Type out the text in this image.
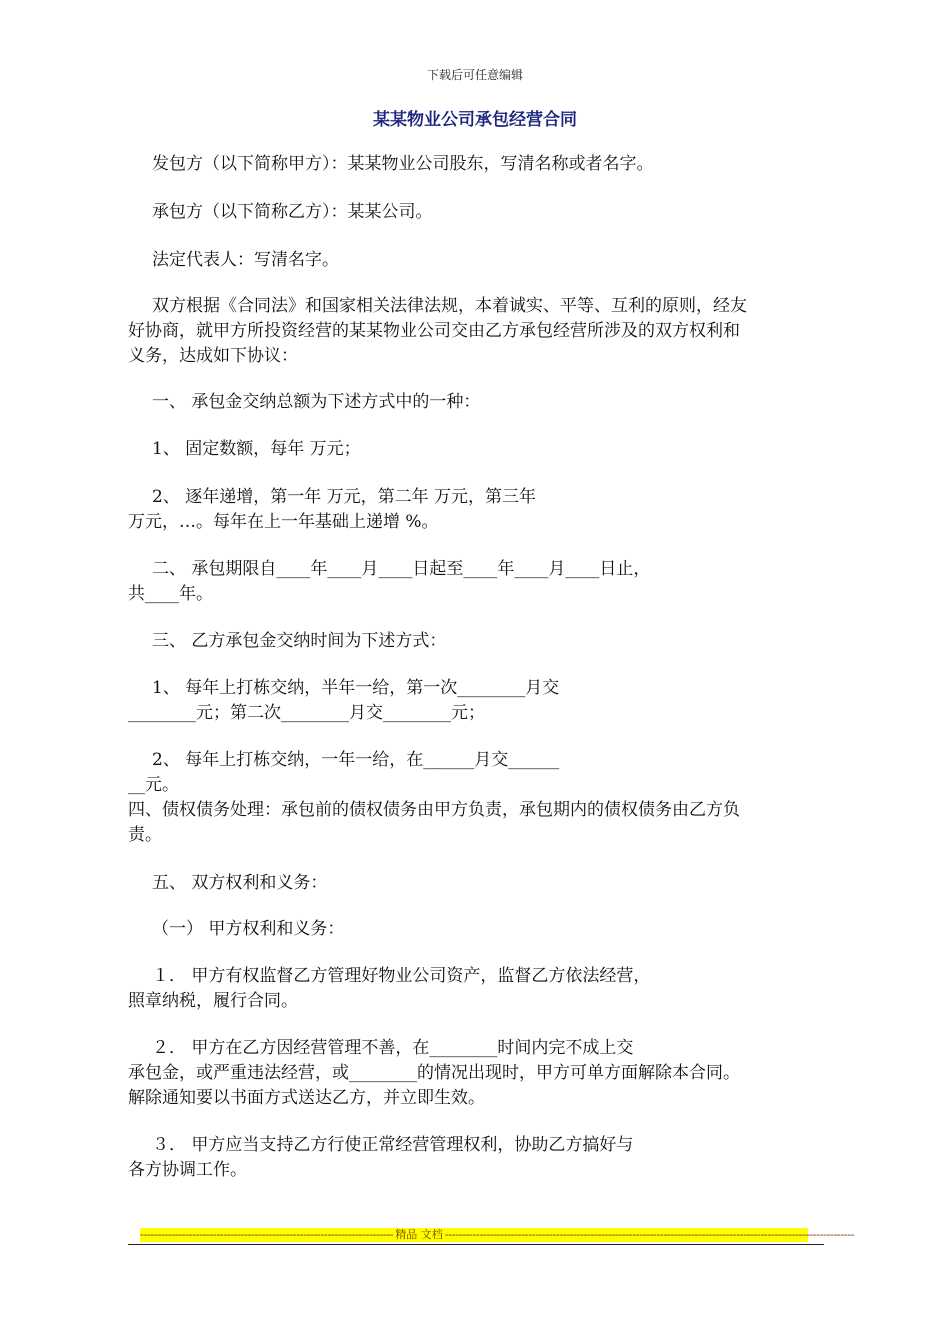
下载后可任意编辑
某某物业公司承包经营合同
发包方（以下简称甲方）：某某物业公司股东，写清名称或者名字。
承包方（以下简称乙方）：某某公司。
法定代表人：写清名字。
双方根据《合同法》和国家相关法律法规，本着诚实、平等、互利的原则，经友
好协商，就甲方所投资经营的某某物业公司交由乙方承包经营所涉及的双方权利和
义务，达成如下协议：
一、 承包金交纳总额为下述方式中的一种：
1、 固定数额，每年 万元；
2、 逐年递增，第一年 万元，第二年 万元，第三年
万元，…。每年在上一年基础上递增 %。
二、 承包期限自____年____月____日起至____年____月____日止，
共____年。
三、 乙方承包金交纳时间为下述方式：
1、 每年上打栋交纳，半年一给，第一次________月交
________元；第二次________月交________元；
2、 每年上打栋交纳，一年一给，在______月交______
__元。
四、债权债务处理：承包前的债权债务由甲方负责，承包期内的债权债务由乙方负
责。
五、 双方权利和义务：
（一） 甲方权利和义务：
１． 甲方有权监督乙方管理好物业公司资产，监督乙方依法经营，
照章纳税，履行合同。
２． 甲方在乙方因经营管理不善，在________时间内完不成上交
承包金，或严重违法经营，或________的情况出现时，甲方可单方面解除本合同。
解除通知要以书面方式送达乙方，并立即生效。
３． 甲方应当支持乙方行使正常经营管理权利，协助乙方搞好与
各方协调工作。
------------------------------------------------------------------------- 精品 文档 ----------------------------------------------------------------------------------------------------------------------
